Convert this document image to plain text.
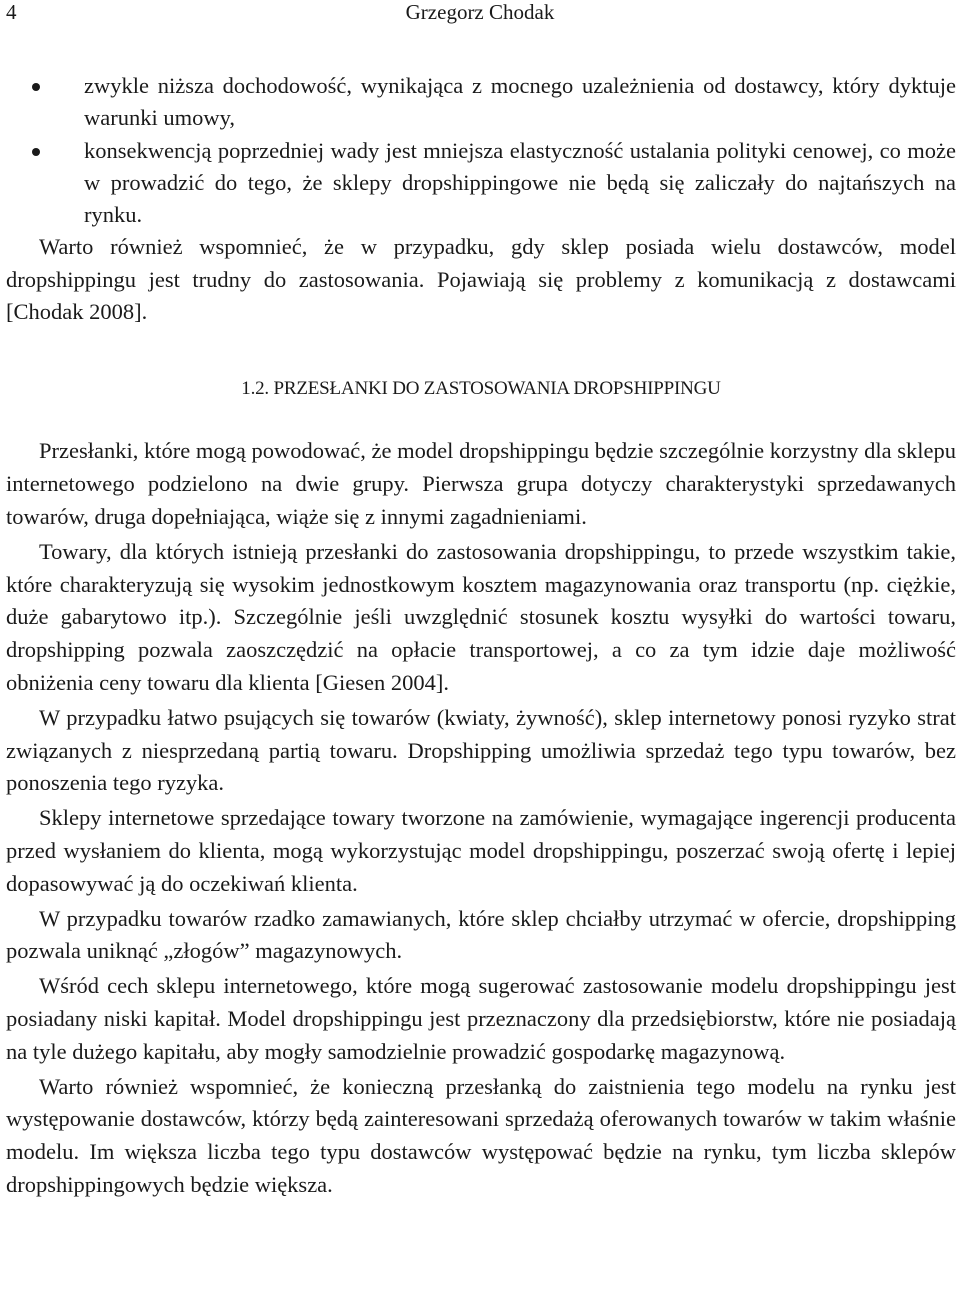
4	Grzegorz Chodak
zwykle niższa dochodowość, wynikająca z mocnego uzależnienia od dostawcy, który dyktuje warunki umowy,
konsekwencją poprzedniej wady jest mniejsza elastyczność ustalania polityki cenowej, co może w prowadzić do tego, że sklepy dropshippingowe nie będą się zaliczały do najtańszych na rynku.

Warto również wspomnieć, że w przypadku, gdy sklep posiada wielu dostawców, model dropshippingu jest trudny do zastosowania. Pojawiają się problemy z komunikacją z dostawcami [Chodak 2008].

1.2. PRZESŁANKI DO ZASTOSOWANIA DROPSHIPPINGU

Przesłanki, które mogą powodować, że model dropshippingu będzie szczególnie korzystny dla sklepu internetowego podzielono na dwie grupy. Pierwsza grupa dotyczy charakterystyki sprzedawanych towarów, druga dopełniająca, wiąże się z innymi zagadnieniami.

Towary, dla których istnieją przesłanki do zastosowania dropshippingu, to przede wszystkim takie, które charakteryzują się wysokim jednostkowym kosztem magazynowania oraz transportu (np. ciężkie, duże gabarytowo itp.). Szczególnie jeśli uwzględnić stosunek kosztu wysyłki do wartości towaru, dropshipping pozwala zaoszczędzić na opłacie transportowej, a co za tym idzie daje możliwość obniżenia ceny towaru dla klienta [Giesen 2004].

W przypadku łatwo psujących się towarów (kwiaty, żywność), sklep internetowy ponosi ryzyko strat związanych z niesprzedaną partią towaru. Dropshipping umożliwia sprzedaż tego typu towarów, bez ponoszenia tego ryzyka.

Sklepy internetowe sprzedające towary tworzone na zamówienie, wymagające ingerencji producenta przed wysłaniem do klienta, mogą wykorzystując model dropshippingu, poszerzać swoją ofertę i lepiej dopasowywać ją do oczekiwań klienta.

W przypadku towarów rzadko zamawianych, które sklep chciałby utrzymać w ofercie, dropshipping pozwala uniknąć „złogów” magazynowych.

Wśród cech sklepu internetowego, które mogą sugerować zastosowanie modelu dropshippingu jest posiadany niski kapitał. Model dropshippingu jest przeznaczony dla przedsiębiorstw, które nie posiadają na tyle dużego kapitału, aby mogły samodzielnie prowadzić gospodarkę magazynową.

Warto również wspomnieć, że konieczną przesłanką do zaistnienia tego modelu na rynku jest występowanie dostawców, którzy będą zainteresowani sprzedażą oferowanych towarów w takim właśnie modelu. Im większa liczba tego typu dostawców występować będzie na rynku, tym liczba sklepów dropshippingowych będzie większa.
